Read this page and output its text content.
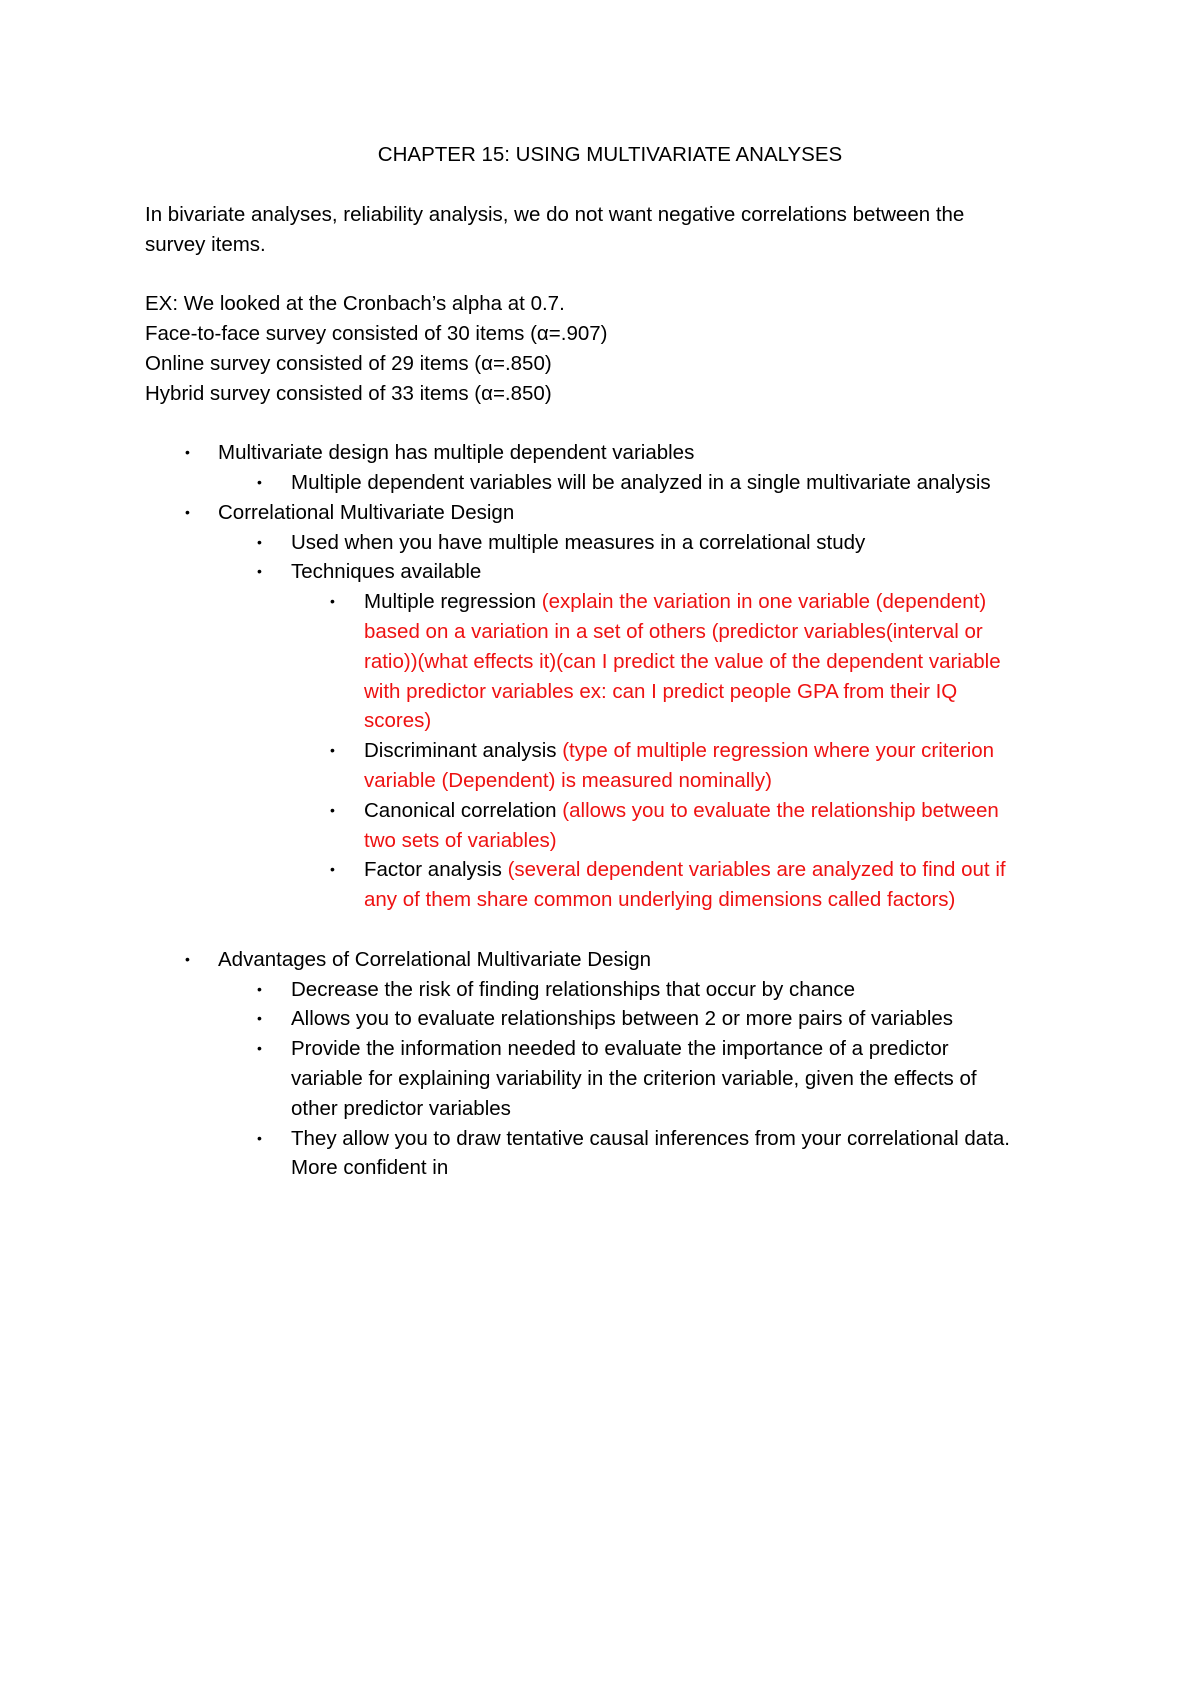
CHAPTER 15: USING MULTIVARIATE ANALYSES

In bivariate analyses, reliability analysis, we do not want negative correlations between the survey items.

EX: We looked at the Cronbach’s alpha at 0.7.
Face-to-face survey consisted of 30 items (α=.907)
Online survey consisted of 29 items (α=.850)
Hybrid survey consisted of 33 items (α=.850)
• Multivariate design has multiple dependent variables
• Multiple dependent variables will be analyzed in a single multivariate analysis
• Correlational Multivariate Design
• Used when you have multiple measures in a correlational study
• Techniques available
• Multiple regression (explain the variation in one variable (dependent) based on a variation in a set of others (predictor variables(interval or ratio))(what effects it)(can I predict the value of the dependent variable with predictor variables ex: can I predict people GPA from their IQ scores)
• Discriminant analysis (type of multiple regression where your criterion variable (Dependent) is measured nominally)
• Canonical correlation (allows you to evaluate the relationship between two sets of variables)
• Factor analysis (several dependent variables are analyzed to find out if any of them share common underlying dimensions called factors)
• Advantages of Correlational Multivariate Design
• Decrease the risk of finding relationships that occur by chance
• Allows you to evaluate relationships between 2 or more pairs of variables
• Provide the information needed to evaluate the importance of a predictor variable for explaining variability in the criterion variable, given the effects of other predictor variables
• They allow you to draw tentative causal inferences from your correlational data. More confident in
